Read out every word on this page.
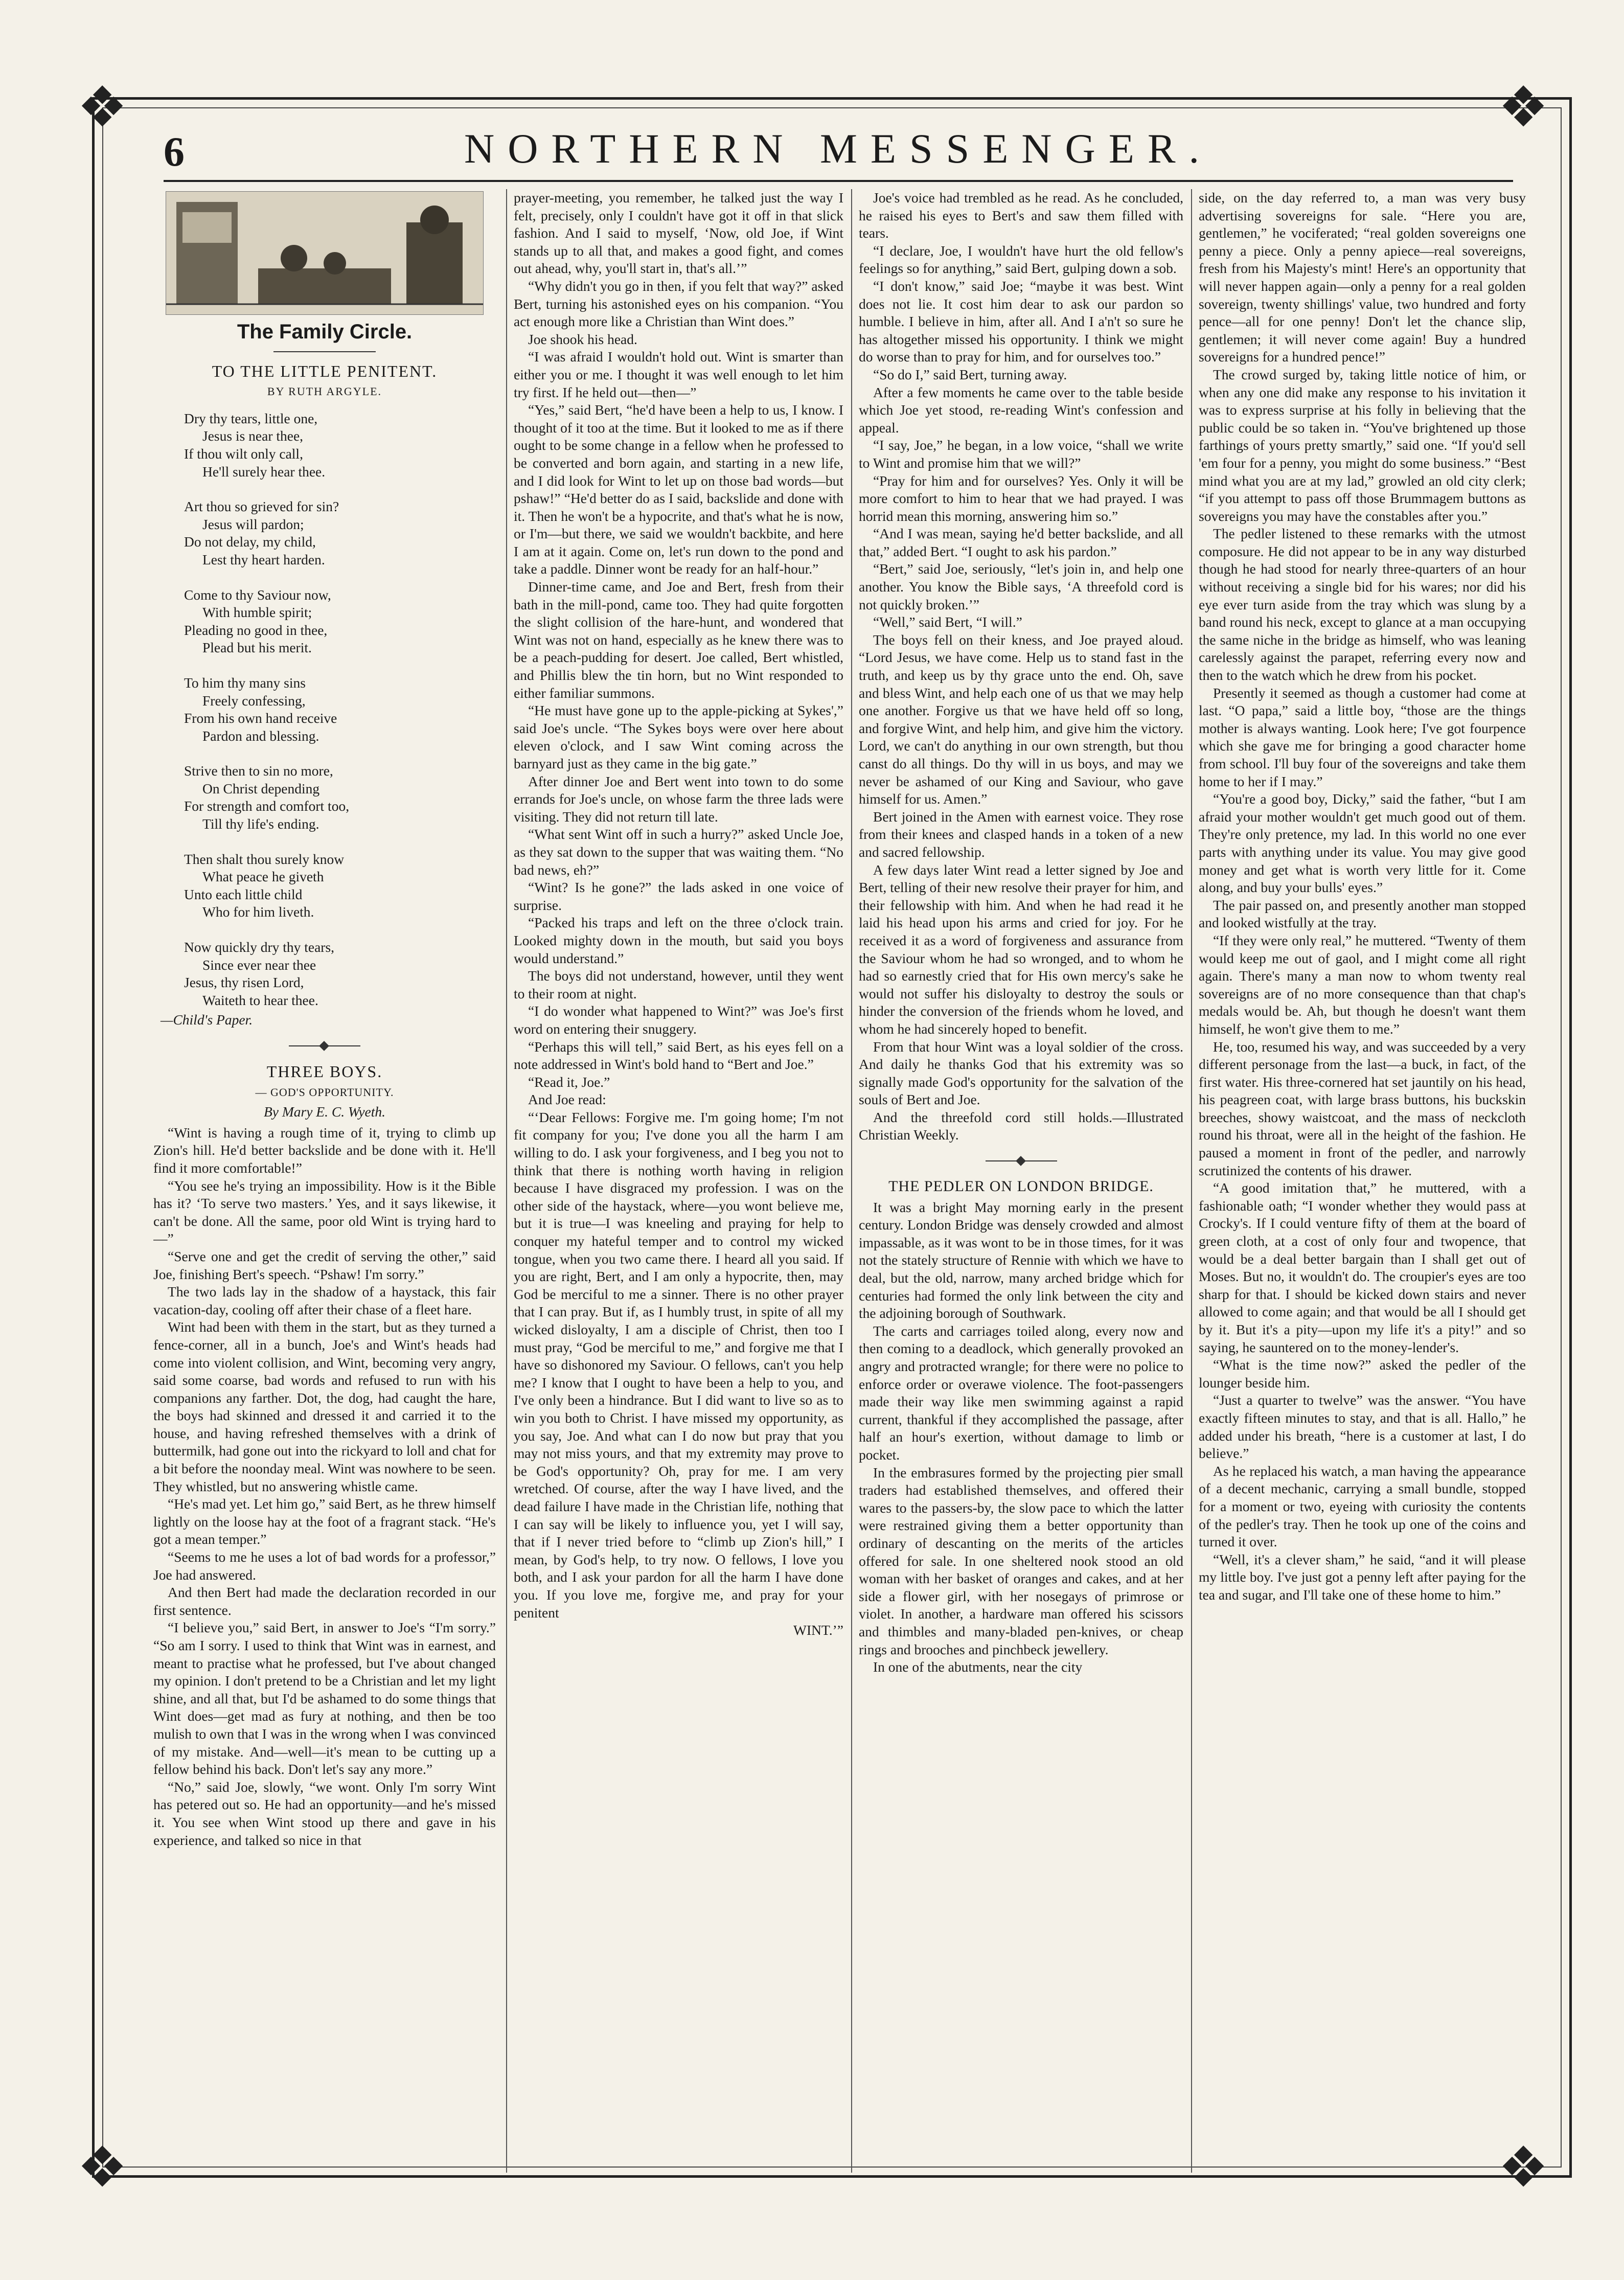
❖	❖
❖	❖
6	NORTHERN MESSENGER.
The Family Circle.
TO THE LITTLE PENITENT.
BY RUTH ARGYLE.
Dry thy tears, little one,
Jesus is near thee,
If thou wilt only call,
He'll surely hear thee.
Art thou so grieved for sin?
Jesus will pardon;
Do not delay, my child,
Lest thy heart harden.
Come to thy Saviour now,
With humble spirit;
Pleading no good in thee,
Plead but his merit.
To him thy many sins
Freely confessing,
From his own hand receive
Pardon and blessing.
Strive then to sin no more,
On Christ depending
For strength and comfort too,
Till thy life's ending.
Then shalt thou surely know
What peace he giveth
Unto each little child
Who for him liveth.
Now quickly dry thy tears,
Since ever near thee
Jesus, thy risen Lord,
Waiteth to hear thee.
—Child's Paper.
THREE BOYS.
— GOD'S OPPORTUNITY.
By Mary E. C. Wyeth.

“Wint is having a rough time of it, trying to climb up Zion's hill. He'd better backslide and be done with it. He'll find it more comfortable!”

“You see he's trying an impossibility. How is it the Bible has it? ‘To serve two masters.’ Yes, and it says likewise, it can't be done. All the same, poor old Wint is trying hard to—”

“Serve one and get the credit of serving the other,” said Joe, finishing Bert's speech. “Pshaw! I'm sorry.”

The two lads lay in the shadow of a haystack, this fair vacation-day, cooling off after their chase of a fleet hare.

Wint had been with them in the start, but as they turned a fence-corner, all in a bunch, Joe's and Wint's heads had come into violent collision, and Wint, becoming very angry, said some coarse, bad words and refused to run with his companions any farther. Dot, the dog, had caught the hare, the boys had skinned and dressed it and carried it to the house, and having refreshed themselves with a drink of buttermilk, had gone out into the rickyard to loll and chat for a bit before the noonday meal. Wint was nowhere to be seen. They whistled, but no answering whistle came.

“He's mad yet. Let him go,” said Bert, as he threw himself lightly on the loose hay at the foot of a fragrant stack. “He's got a mean temper.”

“Seems to me he uses a lot of bad words for a professor,” Joe had answered.

And then Bert had made the declaration recorded in our first sentence.

“I believe you,” said Bert, in answer to Joe's “I'm sorry.” “So am I sorry. I used to think that Wint was in earnest, and meant to practise what he professed, but I've about changed my opinion. I don't pretend to be a Christian and let my light shine, and all that, but I'd be ashamed to do some things that Wint does—get mad as fury at nothing, and then be too mulish to own that I was in the wrong when I was convinced of my mistake. And—well—it's mean to be cutting up a fellow behind his back. Don't let's say any more.”

“No,” said Joe, slowly, “we wont. Only I'm sorry Wint has petered out so. He had an opportunity—and he's missed it. You see when Wint stood up there and gave in his experience, and talked so nice in that

prayer-meeting, you remember, he talked just the way I felt, precisely, only I couldn't have got it off in that slick fashion. And I said to myself, ‘Now, old Joe, if Wint stands up to all that, and makes a good fight, and comes out ahead, why, you'll start in, that's all.’”

“Why didn't you go in then, if you felt that way?” asked Bert, turning his astonished eyes on his companion. “You act enough more like a Christian than Wint does.”

Joe shook his head.

“I was afraid I wouldn't hold out. Wint is smarter than either you or me. I thought it was well enough to let him try first. If he held out—then—”

“Yes,” said Bert, “he'd have been a help to us, I know. I thought of it too at the time. But it looked to me as if there ought to be some change in a fellow when he professed to be converted and born again, and starting in a new life, and I did look for Wint to let up on those bad words—but pshaw!” “He'd better do as I said, backslide and done with it. Then he won't be a hypocrite, and that's what he is now, or I'm—but there, we said we wouldn't backbite, and here I am at it again. Come on, let's run down to the pond and take a paddle. Dinner wont be ready for an half-hour.”

Dinner-time came, and Joe and Bert, fresh from their bath in the mill-pond, came too. They had quite forgotten the slight collision of the hare-hunt, and wondered that Wint was not on hand, especially as he knew there was to be a peach-pudding for desert. Joe called, Bert whistled, and Phillis blew the tin horn, but no Wint responded to either familiar summons.

“He must have gone up to the apple-picking at Sykes',” said Joe's uncle. “The Sykes boys were over here about eleven o'clock, and I saw Wint coming across the barnyard just as they came in the big gate.”

After dinner Joe and Bert went into town to do some errands for Joe's uncle, on whose farm the three lads were visiting. They did not return till late.

“What sent Wint off in such a hurry?” asked Uncle Joe, as they sat down to the supper that was waiting them. “No bad news, eh?”

“Wint? Is he gone?” the lads asked in one voice of surprise.

“Packed his traps and left on the three o'clock train. Looked mighty down in the mouth, but said you boys would understand.”

The boys did not understand, however, until they went to their room at night.

“I do wonder what happened to Wint?” was Joe's first word on entering their snuggery.

“Perhaps this will tell,” said Bert, as his eyes fell on a note addressed in Wint's bold hand to “Bert and Joe.”

“Read it, Joe.”

And Joe read:

“‘Dear Fellows: Forgive me. I'm going home; I'm not fit company for you; I've done you all the harm I am willing to do. I ask your forgiveness, and I beg you not to think that there is nothing worth having in religion because I have disgraced my profession. I was on the other side of the haystack, where—you wont believe me, but it is true—I was kneeling and praying for help to conquer my hateful temper and to control my wicked tongue, when you two came there. I heard all you said. If you are right, Bert, and I am only a hypocrite, then, may God be merciful to me a sinner. There is no other prayer that I can pray. But if, as I humbly trust, in spite of all my wicked disloyalty, I am a disciple of Christ, then too I must pray, “God be merciful to me,” and forgive me that I have so dishonored my Saviour. O fellows, can't you help me? I know that I ought to have been a help to you, and I've only been a hindrance. But I did want to live so as to win you both to Christ. I have missed my opportunity, as you say, Joe. And what can I do now but pray that you may not miss yours, and that my extremity may prove to be God's opportunity? Oh, pray for me. I am very wretched. Of course, after the way I have lived, and the dead failure I have made in the Christian life, nothing that I can say will be likely to influence you, yet I will say, that if I never tried before to “climb up Zion's hill,” I mean, by God's help, to try now. O fellows, I love you both, and I ask your pardon for all the harm I have done you. If you love me, forgive me, and pray for your penitent

WINT.’”

Joe's voice had trembled as he read. As he concluded, he raised his eyes to Bert's and saw them filled with tears.

“I declare, Joe, I wouldn't have hurt the old fellow's feelings so for anything,” said Bert, gulping down a sob.

“I don't know,” said Joe; “maybe it was best. Wint does not lie. It cost him dear to ask our pardon so humble. I believe in him, after all. And I a'n't so sure he has altogether missed his opportunity. I think we might do worse than to pray for him, and for ourselves too.”

“So do I,” said Bert, turning away.

After a few moments he came over to the table beside which Joe yet stood, re-reading Wint's confession and appeal.

“I say, Joe,” he began, in a low voice, “shall we write to Wint and promise him that we will?”

“Pray for him and for ourselves? Yes. Only it will be more comfort to him to hear that we had prayed. I was horrid mean this morning, answering him so.”

“And I was mean, saying he'd better backslide, and all that,” added Bert. “I ought to ask his pardon.”

“Bert,” said Joe, seriously, “let's join in, and help one another. You know the Bible says, ‘A threefold cord is not quickly broken.’”

“Well,” said Bert, “I will.”

The boys fell on their kness, and Joe prayed aloud. “Lord Jesus, we have come. Help us to stand fast in the truth, and keep us by thy grace unto the end. Oh, save and bless Wint, and help each one of us that we may help one another. Forgive us that we have held off so long, and forgive Wint, and help him, and give him the victory. Lord, we can't do anything in our own strength, but thou canst do all things. Do thy will in us boys, and may we never be ashamed of our King and Saviour, who gave himself for us. Amen.”

Bert joined in the Amen with earnest voice. They rose from their knees and clasped hands in a token of a new and sacred fellowship.

A few days later Wint read a letter signed by Joe and Bert, telling of their new resolve their prayer for him, and their fellowship with him. And when he had read it he laid his head upon his arms and cried for joy. For he received it as a word of forgiveness and assurance from the Saviour whom he had so wronged, and to whom he had so earnestly cried that for His own mercy's sake he would not suffer his disloyalty to destroy the souls or hinder the conversion of the friends whom he loved, and whom he had sincerely hoped to benefit.

From that hour Wint was a loyal soldier of the cross. And daily he thanks God that his extremity was so signally made God's opportunity for the salvation of the souls of Bert and Joe.

And the threefold cord still holds.—Illustrated Christian Weekly.

THE PEDLER ON LONDON BRIDGE.

It was a bright May morning early in the present century. London Bridge was densely crowded and almost impassable, as it was wont to be in those times, for it was not the stately structure of Rennie with which we have to deal, but the old, narrow, many arched bridge which for centuries had formed the only link between the city and the adjoining borough of Southwark.

The carts and carriages toiled along, every now and then coming to a deadlock, which generally provoked an angry and protracted wrangle; for there were no police to enforce order or overawe violence. The foot-passengers made their way like men swimming against a rapid current, thankful if they accomplished the passage, after half an hour's exertion, without damage to limb or pocket.

In the embrasures formed by the projecting pier small traders had established themselves, and offered their wares to the passers-by, the slow pace to which the latter were restrained giving them a better opportunity than ordinary of descanting on the merits of the articles offered for sale. In one sheltered nook stood an old woman with her basket of oranges and cakes, and at her side a flower girl, with her nosegays of primrose or violet. In another, a hardware man offered his scissors and thimbles and many-bladed pen-knives, or cheap rings and brooches and pinchbeck jewellery.

In one of the abutments, near the city

side, on the day referred to, a man was very busy advertising sovereigns for sale. “Here you are, gentlemen,” he vociferated; “real golden sovereigns one penny a piece. Only a penny apiece—real sovereigns, fresh from his Majesty's mint! Here's an opportunity that will never happen again—only a penny for a real golden sovereign, twenty shillings' value, two hundred and forty pence—all for one penny! Don't let the chance slip, gentlemen; it will never come again! Buy a hundred sovereigns for a hundred pence!”

The crowd surged by, taking little notice of him, or when any one did make any response to his invitation it was to express surprise at his folly in believing that the public could be so taken in. “You've brightened up those farthings of yours pretty smartly,” said one. “If you'd sell 'em four for a penny, you might do some business.” “Best mind what you are at my lad,” growled an old city clerk; “if you attempt to pass off those Brummagem buttons as sovereigns you may have the constables after you.”

The pedler listened to these remarks with the utmost composure. He did not appear to be in any way disturbed though he had stood for nearly three-quarters of an hour without receiving a single bid for his wares; nor did his eye ever turn aside from the tray which was slung by a band round his neck, except to glance at a man occupying the same niche in the bridge as himself, who was leaning carelessly against the parapet, referring every now and then to the watch which he drew from his pocket.

Presently it seemed as though a customer had come at last. “O papa,” said a little boy, “those are the things mother is always wanting. Look here; I've got fourpence which she gave me for bringing a good character home from school. I'll buy four of the sovereigns and take them home to her if I may.”

“You're a good boy, Dicky,” said the father, “but I am afraid your mother wouldn't get much good out of them. They're only pretence, my lad. In this world no one ever parts with anything under its value. You may give good money and get what is worth very little for it. Come along, and buy your bulls' eyes.”

The pair passed on, and presently another man stopped and looked wistfully at the tray.

“If they were only real,” he muttered. “Twenty of them would keep me out of gaol, and I might come all right again. There's many a man now to whom twenty real sovereigns are of no more consequence than that chap's medals would be. Ah, but though he doesn't want them himself, he won't give them to me.”

He, too, resumed his way, and was succeeded by a very different personage from the last—a buck, in fact, of the first water. His three-cornered hat set jauntily on his head, his peagreen coat, with large brass buttons, his buckskin breeches, showy waistcoat, and the mass of neckcloth round his throat, were all in the height of the fashion. He paused a moment in front of the pedler, and narrowly scrutinized the contents of his drawer.

“A good imitation that,” he muttered, with a fashionable oath; “I wonder whether they would pass at Crocky's. If I could venture fifty of them at the board of green cloth, at a cost of only four and twopence, that would be a deal better bargain than I shall get out of Moses. But no, it wouldn't do. The croupier's eyes are too sharp for that. I should be kicked down stairs and never allowed to come again; and that would be all I should get by it. But it's a pity—upon my life it's a pity!” and so saying, he sauntered on to the money-lender's.

“What is the time now?” asked the pedler of the lounger beside him.

“Just a quarter to twelve” was the answer. “You have exactly fifteen minutes to stay, and that is all. Hallo,” he added under his breath, “here is a customer at last, I do believe.”

As he replaced his watch, a man having the appearance of a decent mechanic, carrying a small bundle, stopped for a moment or two, eyeing with curiosity the contents of the pedler's tray. Then he took up one of the coins and turned it over.

“Well, it's a clever sham,” he said, “and it will please my little boy. I've just got a penny left after paying for the tea and sugar, and I'll take one of these home to him.”
